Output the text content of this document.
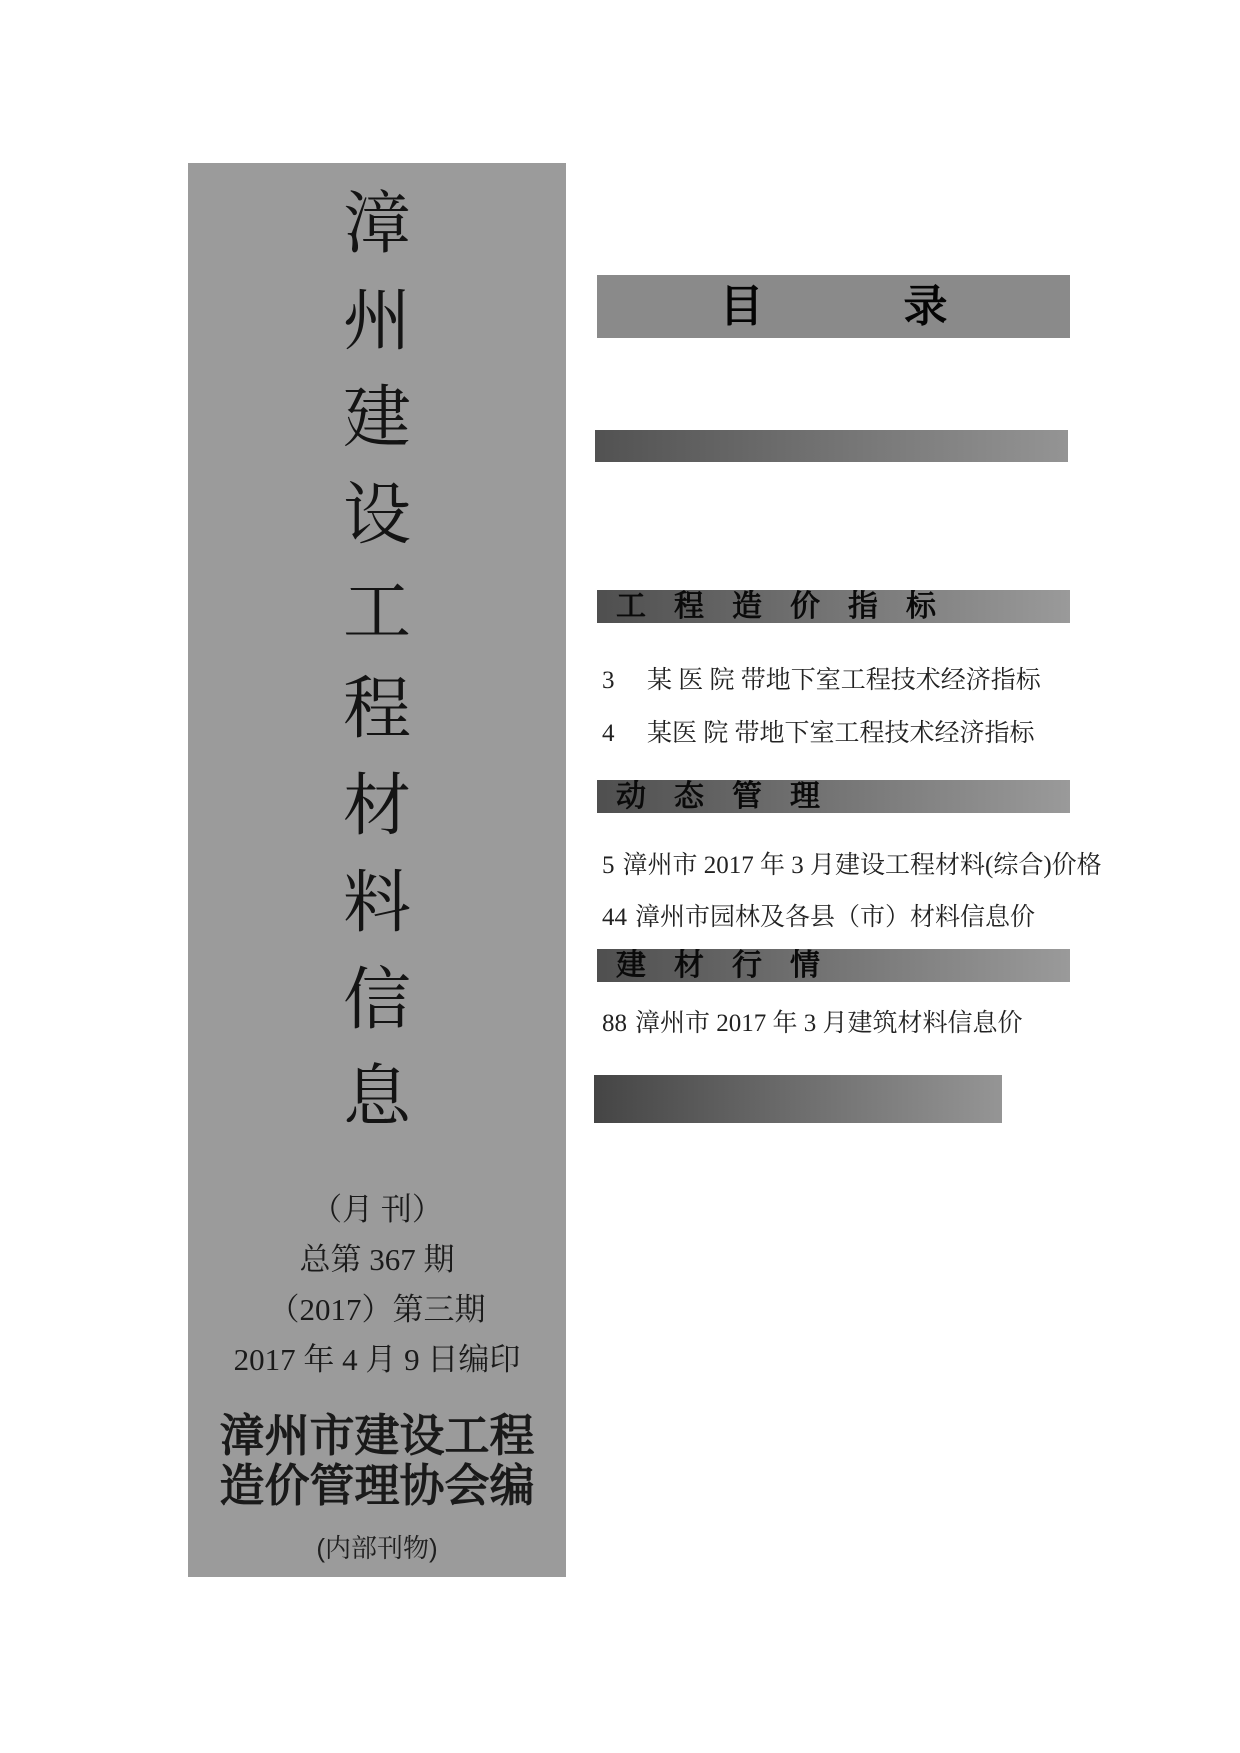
漳
州
建
设
工
程
材
料
信
息
（月 刊）
总第 367 期
（2017）第三期
2017 年 4 月 9 日编印
漳州市建设工程
造价管理协会编
(内部刊物)
目	录
工程造价指标
3 某 医 院 带地下室工程技术经济指标
4 某医 院 带地下室工程技术经济指标
动态管理
5 漳州市 2017 年 3 月建设工程材料(综合)价格
44 漳州市园林及各县（市）材料信息价
建材行情
88 漳州市 2017 年 3 月建筑材料信息价
